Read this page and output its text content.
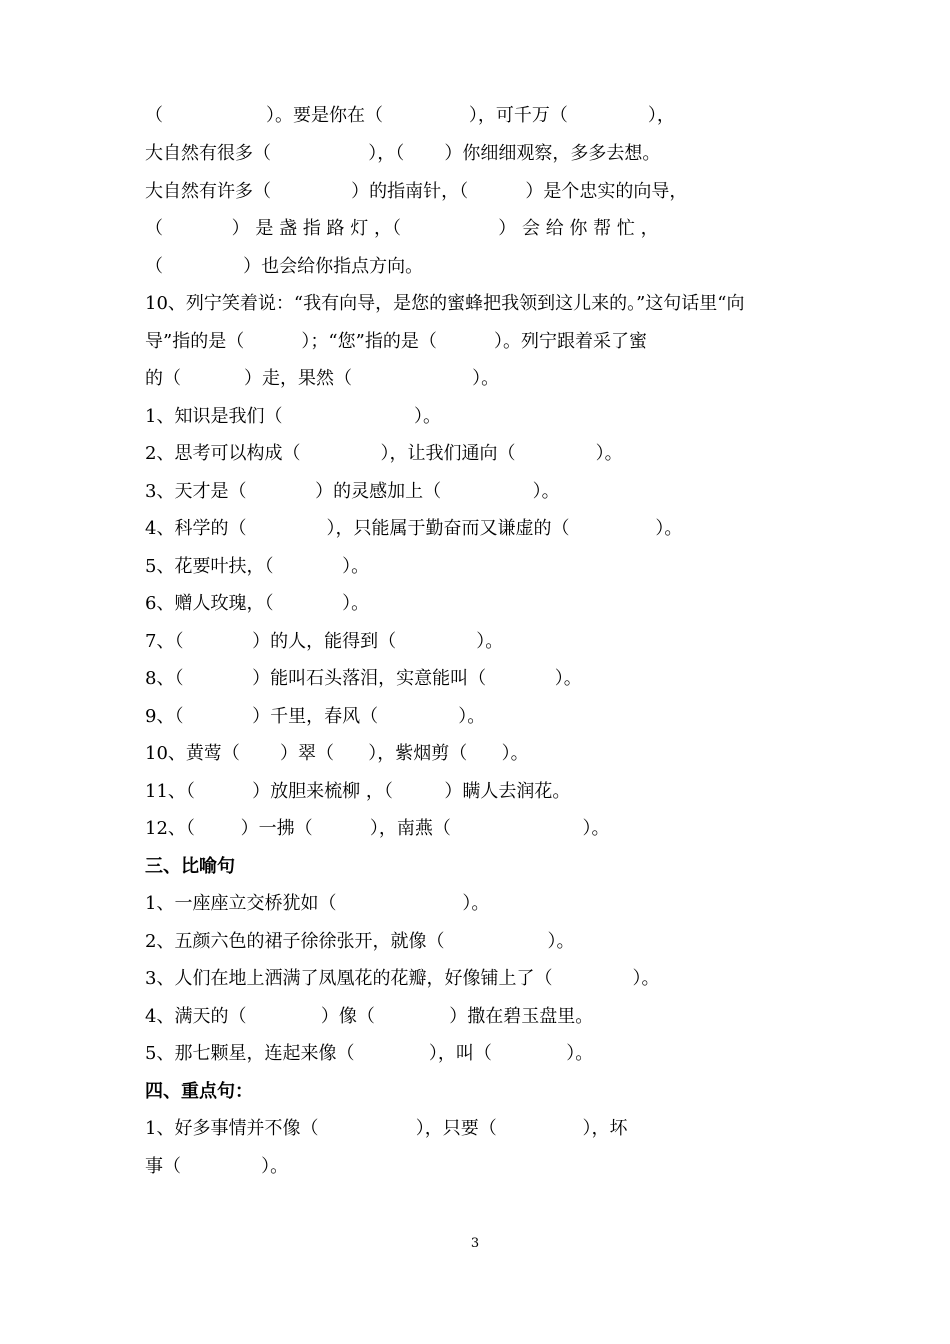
（                  ）。要是你在（               ），可千万（              ），
大自然有很多（                 ），（       ）你细细观察，多多去想。
大自然有许多（              ）的指南针，（          ）是个忠实的向导，
（            ） 是 盏 指 路 灯 ，（                 ） 会 给 你 帮 忙 ，
（              ）也会给你指点方向。
10、列宁笑着说：“我有向导，是您的蜜蜂把我领到这儿来的。”这句话里“向
导”指的是（          ）；“您”指的是（          ）。列宁跟着采了蜜
的（           ）走，果然（                     ）。
1、知识是我们（                       ）。
2、思考可以构成（              ），让我们通向（              ）。
3、天才是（            ）的灵感加上（                ）。
4、科学的（              ），只能属于勤奋而又谦虚的（               ）。
5、花要叶扶，（            ）。
6、赠人玫瑰，（            ）。
7、（            ）的人，能得到（              ）。
8、（            ）能叫石头落泪，实意能叫（            ）。
9、（            ）千里，春风（              ）。
10、黄莺（       ）翠（      ），紫烟剪（      ）。
11、（          ）放胆来梳柳 ，（         ）瞒人去润花。
12、（        ）一拂（          ），南燕（                       ）。
三、比喻句
1、一座座立交桥犹如（                      ）。
2、五颜六色的裙子徐徐张开，就像（                  ）。
3、人们在地上洒满了凤凰花的花瓣，好像铺上了（              ）。
4、满天的（             ）像（             ）撒在碧玉盘里。
5、那七颗星，连起来像（             ），叫（             ）。
四、重点句：
1、好多事情并不像（                 ），只要（               ），坏
事（              ）。
3
